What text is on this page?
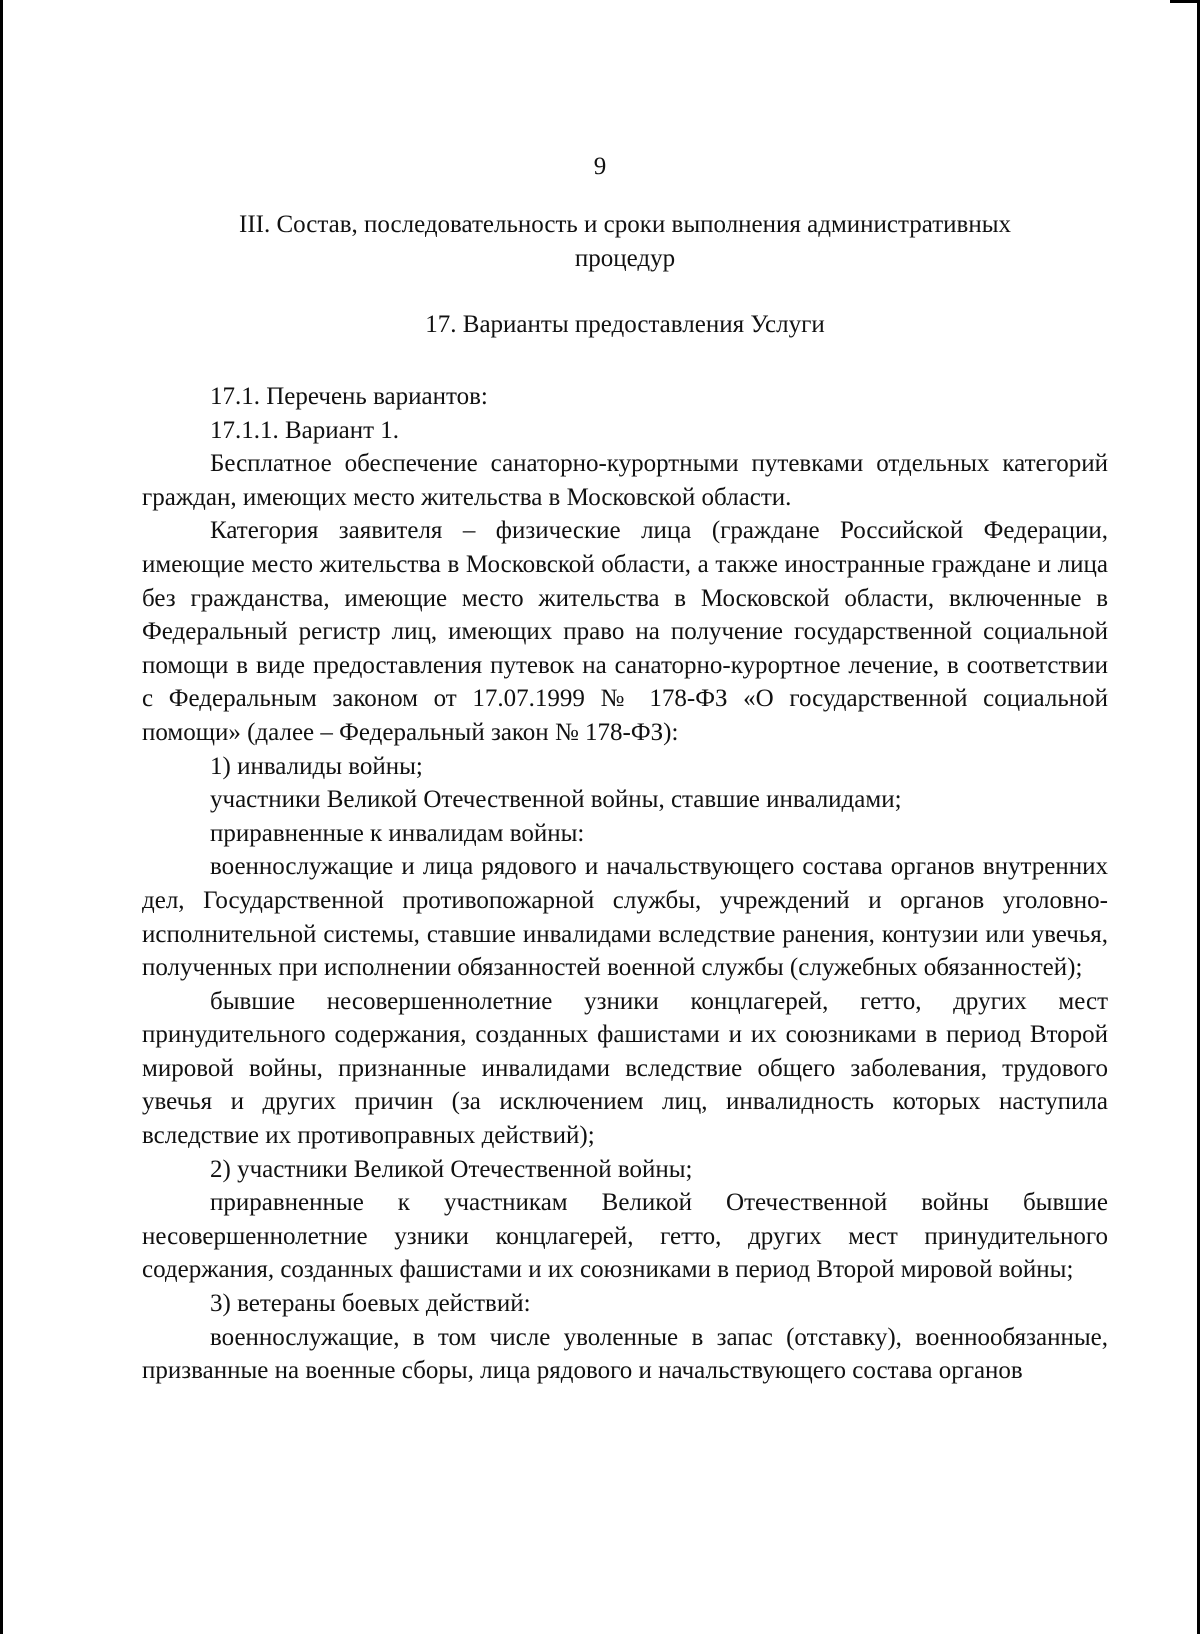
9
III. Состав, последовательность и сроки выполнения административных процедур
17. Варианты предоставления Услуги

17.1. Перечень вариантов:

17.1.1. Вариант 1.

Бесплатное обеспечение санаторно-курортными путевками отдельных категорий граждан, имеющих место жительства в Московской области.

Категория заявителя – физические лица (граждане Российской Федерации, имеющие место жительства в Московской области, а также иностранные граждане и лица без гражданства, имеющие место жительства в Московской области, включенные в Федеральный регистр лиц, имеющих право на получение государственной социальной помощи в виде предоставления путевок на санаторно-курортное лечение, в соответствии с Федеральным законом от 17.07.1999 № 178-ФЗ «О государственной социальной помощи» (далее – Федеральный закон № 178-ФЗ):

1) инвалиды войны;

участники Великой Отечественной войны, ставшие инвалидами;

приравненные к инвалидам войны:

военнослужащие и лица рядового и начальствующего состава органов внутренних дел, Государственной противопожарной службы, учреждений и органов уголовно-исполнительной системы, ставшие инвалидами вследствие ранения, контузии или увечья, полученных при исполнении обязанностей военной службы (служебных обязанностей);

бывшие несовершеннолетние узники концлагерей, гетто, других мест принудительного содержания, созданных фашистами и их союзниками в период Второй мировой войны, признанные инвалидами вследствие общего заболевания, трудового увечья и других причин (за исключением лиц, инвалидность которых наступила вследствие их противоправных действий);

2) участники Великой Отечественной войны;

приравненные к участникам Великой Отечественной войны бывшие несовершеннолетние узники концлагерей, гетто, других мест принудительного содержания, созданных фашистами и их союзниками в период Второй мировой войны;

3) ветераны боевых действий:

военнослужащие, в том числе уволенные в запас (отставку), военнообязанные, призванные на военные сборы, лица рядового и начальствующего состава органов
